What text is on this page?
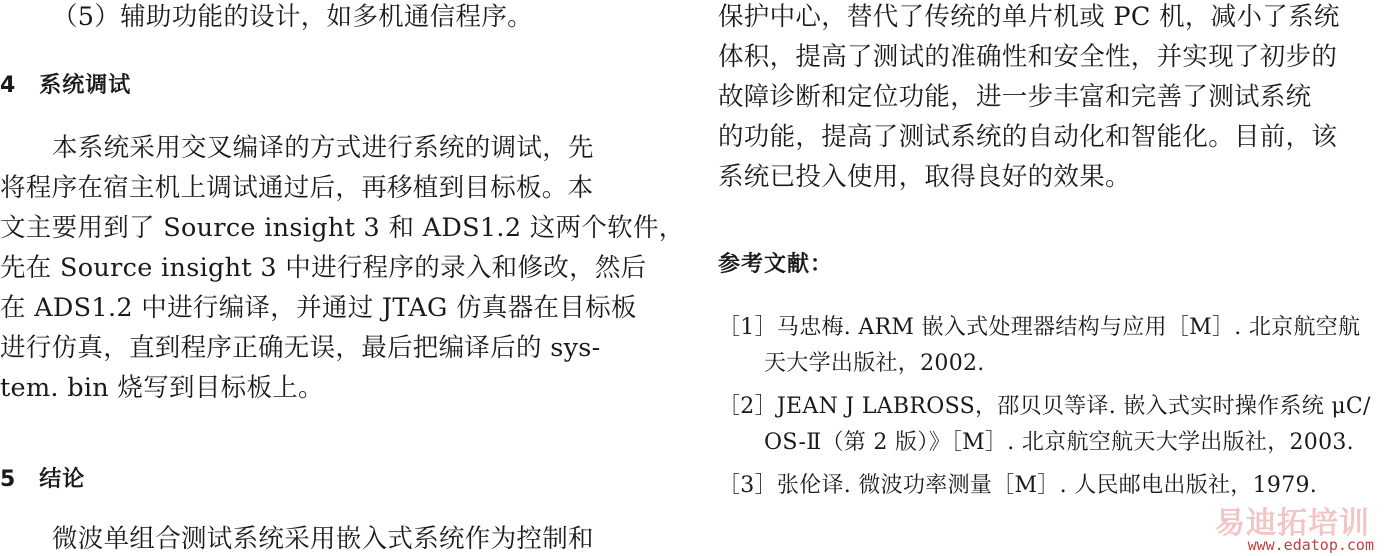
（5）辅助功能的设计，如多机通信程序。
4　系统调试
本系统采用交叉编译的方式进行系统的调试，先
将程序在宿主机上调试通过后，再移植到目标板。本
文主要用到了 Source insight 3 和 ADS1.2 这两个软件，
先在 Source insight 3 中进行程序的录入和修改，然后
在 ADS1.2 中进行编译，并通过 JTAG 仿真器在目标板
进行仿真，直到程序正确无误，最后把编译后的 sys-
tem. bin 烧写到目标板上。
5　结论
微波单组合测试系统采用嵌入式系统作为控制和
保护中心，替代了传统的单片机或 PC 机，减小了系统
体积，提高了测试的准确性和安全性，并实现了初步的
故障诊断和定位功能，进一步丰富和完善了测试系统
的功能，提高了测试系统的自动化和智能化。目前，该
系统已投入使用，取得良好的效果。
参考文献：
［1］马忠梅. ARM 嵌入式处理器结构与应用［M］. 北京航空航
天大学出版社，2002.
［2］JEAN J LABROSS，邵贝贝等译. 嵌入式实时操作系统 μC/
OS-Ⅱ（第 2 版）》［M］. 北京航空航天大学出版社，2003.
［3］张伦译. 微波功率测量［M］. 人民邮电出版社，1979.
易迪拓培训
www.edatop.com
